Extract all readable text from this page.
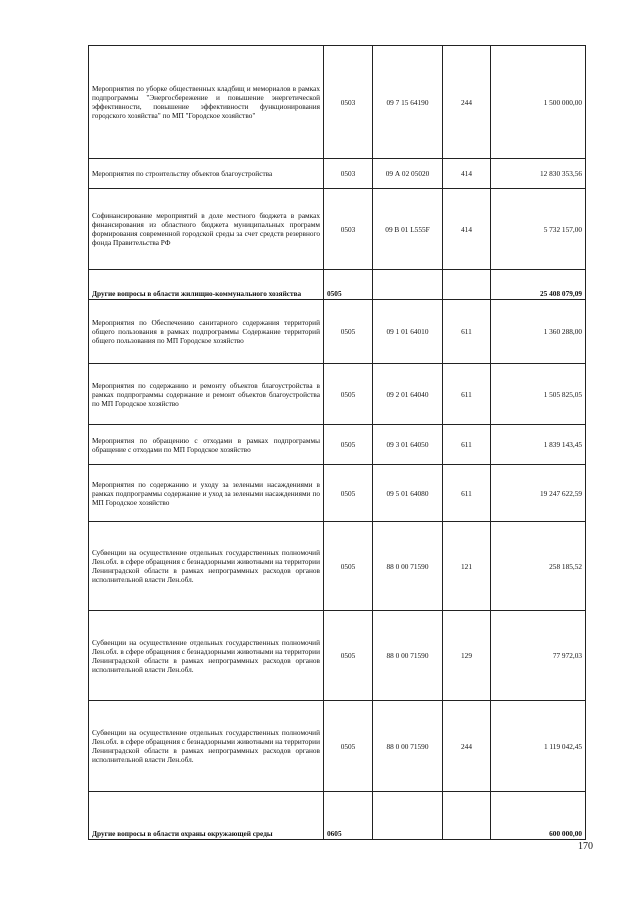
Мероприятия по уборке общественных кладбищ и мемориалов в рамках подпрограммы "Энергосбережение и повышение энергетической эффективности, повышение эффективности функционирования городского хозяйства" по МП "Городское хозяйство"	0503	09 7 15 64190	244	1 500 000,00
Мероприятия по строительству объектов благоустройства	0503	09 А 02 05020	414	12 830 353,56
Софинансирование мероприятий в доле местного бюджета в рамках финансирования из областного бюджета муниципальных программ формирования современной городской среды за счет средств резервного фонда Правительства РФ	0503	09 В 01 L555F	414	5 732 157,00
Другие вопросы в области жилищно-коммунального хозяйства	0505			25 408 079,09
Мероприятия по Обеспечению санитарного содержания территорий общего пользования в рамках подпрограммы Содержание территорий общего пользования по МП Городское хозяйство	0505	09 1 01 64010	611	1 360 288,00
Мероприятия по содержанию и ремонту объектов благоустройства в рамках подпрограммы содержание и ремонт объектов благоустройства по МП Городское хозяйство	0505	09 2 01 64040	611	1 505 825,05
Мероприятия по обращению с отходами в рамках подпрограммы обращение с отходами по МП Городское хозяйство	0505	09 3 01 64050	611	1 839 143,45
Мероприятия по содержанию и уходу за зелеными насаждениями в рамках подпрограммы содержание и уход за зелеными насаждениями по МП Городское хозяйство	0505	09 5 01 64080	611	19 247 622,59
Субвенции на осуществление отдельных государственных полномочий Лен.обл. в сфере обращения с безнадзорными животными на территории Ленинградской области в рамках непрограммных расходов органов исполнительной власти Лен.обл.	0505	88 0 00 71590	121	258 185,52
Субвенции на осуществление отдельных государственных полномочий Лен.обл. в сфере обращения с безнадзорными животными на территории Ленинградской области в рамках непрограммных расходов органов исполнительной власти Лен.обл.	0505	88 0 00 71590	129	77 972,03
Субвенции на осуществление отдельных государственных полномочий Лен.обл. в сфере обращения с безнадзорными животными на территории Ленинградской области в рамках непрограммных расходов органов исполнительной власти Лен.обл.	0505	88 0 00 71590	244	1 119 042,45
Другие вопросы в области охраны окружающей среды	0605			600 000,00
170
